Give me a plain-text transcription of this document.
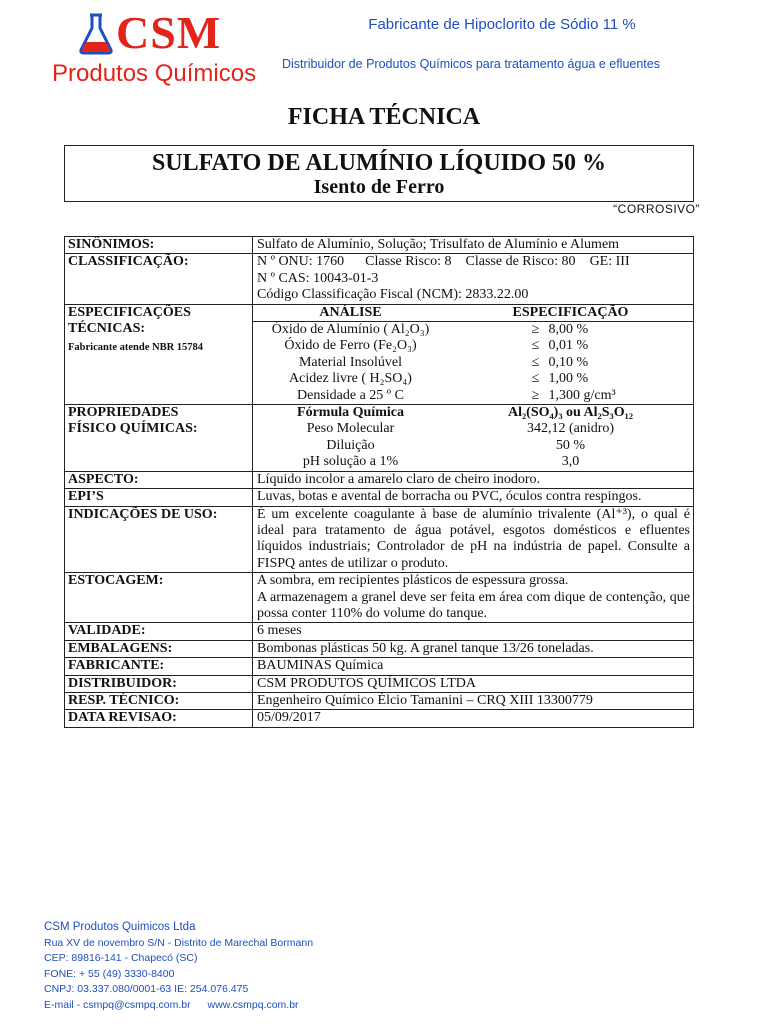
CSM
Produtos Químicos
Fabricante de Hipoclorito de Sódio 11 %
Distribuidor de Produtos Químicos para tratamento água e efluentes
FICHA TÉCNICA
SULFATO DE ALUMÍNIO LÍQUIDO 50 %
Isento de Ferro
“CORROSIVO”
SINÔNIMOS:	Sulfato de Alumínio, Solução; Trisulfato de Alumínio e Alumem
CLASSIFICAÇÃO:	N º ONU: 1760 Classe Risco: 8 Classe de Risco: 80 GE: III
N º CAS: 10043-01-3
Código Classificação Fiscal (NCM): 2833.22.00

ESPECIFICAÇÕES
TÉCNICAS:
Fabricante atende NBR 15784

ANÁLISE	ESPECIFICAÇÃO
Óxido de Alumínio ( Al₂O₃)	≥ 8,00 %
Óxido de Ferro (Fe₂O₃)	≤ 0,01 %
Material Insolúvel	≤ 0,10 %
Acidez livre ( H₂SO₄)	≤ 1,00 %
Densidade a 25 º C	≥ 1,300 g/cm³

PROPRIEDADES
FÍSICO QUÍMICAS:

Fórmula Química	Al₂(SO₄)₃ ou Al₂S₃O₁₂
Peso Molecular	342,12 (anidro)
Diluição	50 %
pH solução a 1%	3,0

ASPECTO:	Líquido incolor a amarelo claro de cheiro inodoro.
EPI’S	Luvas, botas e avental de borracha ou PVC, óculos contra respingos.
INDICAÇÕES DE USO:	É um excelente coagulante à base de alumínio trivalente (Al⁺³), o qual é ideal para tratamento de água potável, esgotos domésticos e efluentes líquidos industriais; Controlador de pH na indústria de papel. Consulte a FISPQ antes de utilizar o produto.
ESTOCAGEM:	A sombra, em recipientes plásticos de espessura grossa.
A armazenagem a granel deve ser feita em área com dique de contenção, que possa conter 110% do volume do tanque.

VALIDADE:	6 meses
EMBALAGENS:	Bombonas plásticas 50 kg. A granel tanque 13/26 toneladas.
FABRICANTE:	BAUMINAS Química
DISTRIBUIDOR:	CSM PRODUTOS QUÍMICOS LTDA
RESP. TÉCNICO:	Engenheiro Químico Élcio Tamanini – CRQ XIII 13300779
DATA REVISAO:	05/09/2017
CSM Produtos Quimicos Ltda
Rua XV de novembro S/N - Distrito de Marechal Bormann
CEP: 89816-141 - Chapecó (SC)
FONE: + 55 (49) 3330-8400
CNPJ: 03.337.080/0001-63 IE: 254.076.475
E-mail - csmpq@csmpq.com.br www.csmpq.com.br
